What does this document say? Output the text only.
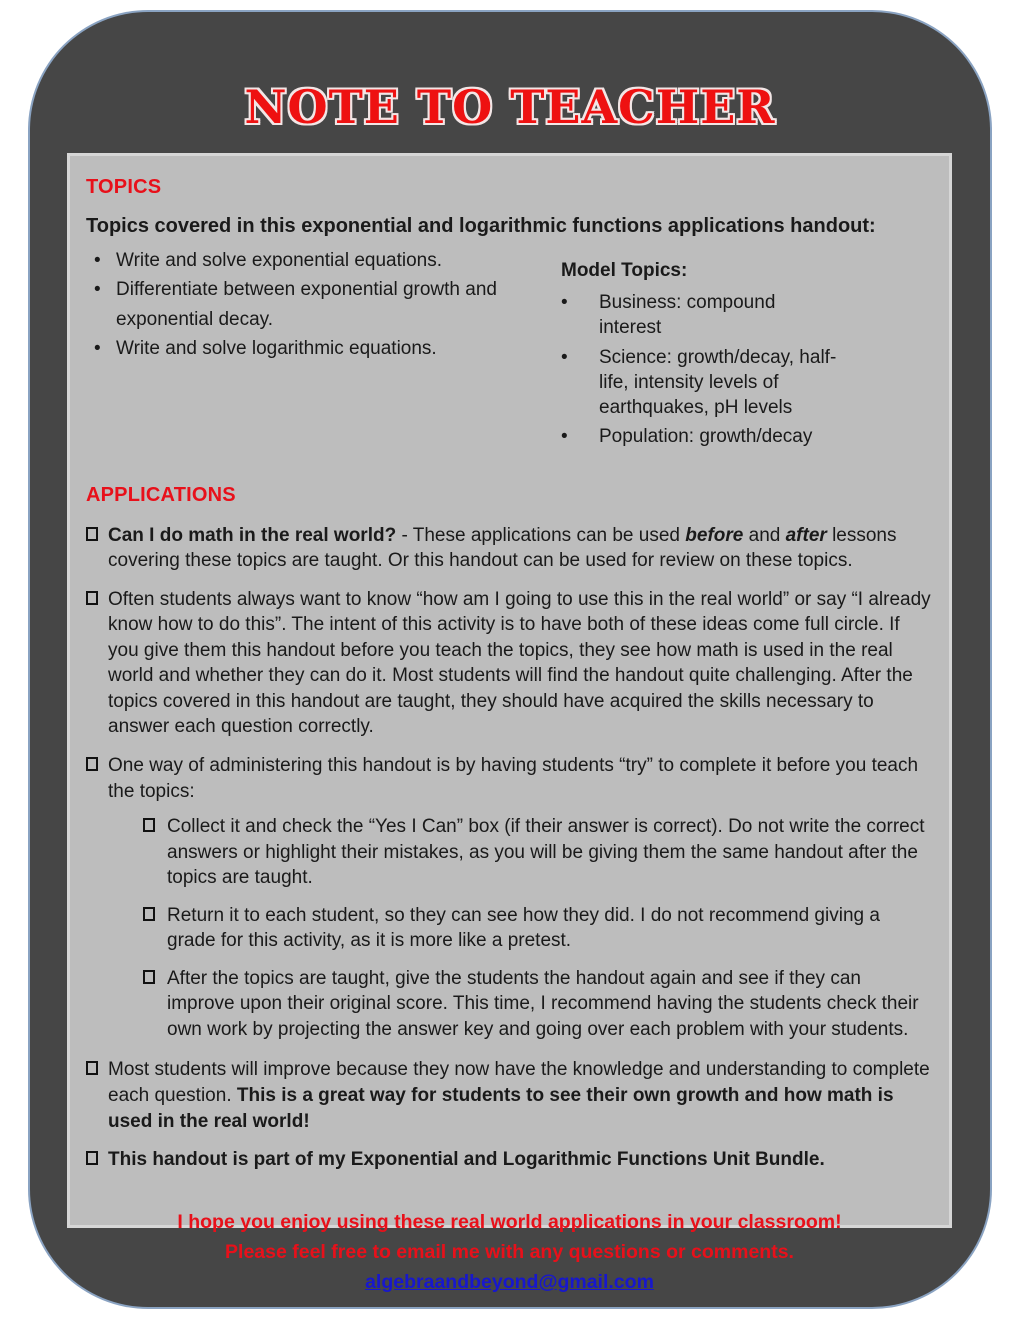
NOTE TO TEACHER
TOPICS

Topics covered in this exponential and logarithmic functions applications handout:

• Write and solve exponential equations.
• Differentiate between exponential growth and exponential decay.
• Write and solve logarithmic equations.

Model Topics:

•	Business: compound interest
•	Science: growth/decay, half-life, intensity levels of earthquakes, pH levels
•	Population: growth/decay
APPLICATIONS
Can I do math in the real world? - These applications can be used before and after lessons covering these topics are taught. Or this handout can be used for review on these topics.
Often students always want to know “how am I going to use this in the real world” or say “I already know how to do this”. The intent of this activity is to have both of these ideas come full circle. If you give them this handout before you teach the topics, they see how math is used in the real world and whether they can do it. Most students will find the handout quite challenging. After the topics covered in this handout are taught, they should have acquired the skills necessary to answer each question correctly.
One way of administering this handout is by having students “try” to complete it before you teach the topics:
Collect it and check the “Yes I Can” box (if their answer is correct). Do not write the correct answers or highlight their mistakes, as you will be giving them the same handout after the topics are taught.
Return it to each student, so they can see how they did. I do not recommend giving a grade for this activity, as it is more like a pretest.
After the topics are taught, give the students the handout again and see if they can improve upon their original score. This time, I recommend having the students check their own work by projecting the answer key and going over each problem with your students.
Most students will improve because they now have the knowledge and understanding to complete each question. This is a great way for students to see their own growth and how math is used in the real world!
This handout is part of my Exponential and Logarithmic Functions Unit Bundle.

I hope you enjoy using these real world applications in your classroom!

Please feel free to email me with any questions or comments.

algebraandbeyond@gmail.com
